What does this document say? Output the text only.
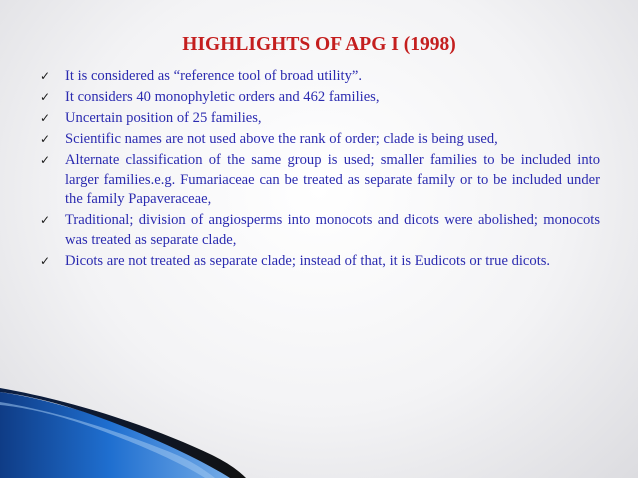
HIGHLIGHTS OF APG I (1998)
✓ It is considered as “reference tool of broad utility”.
✓ It considers 40 monophyletic orders and 462 families,
✓ Uncertain position of 25 families,
✓ Scientific names are not used above the rank of order; clade is being used,
✓ Alternate classification of the same group is used; smaller families to be included into larger families.e.g. Fumariaceae can be treated as separate family or to be included under the family Papaveraceae,
✓ Traditional; division of angiosperms into monocots and dicots were abolished; monocots was treated as separate clade,
✓ Dicots are not treated as separate clade; instead of that, it is Eudicots or true dicots.
